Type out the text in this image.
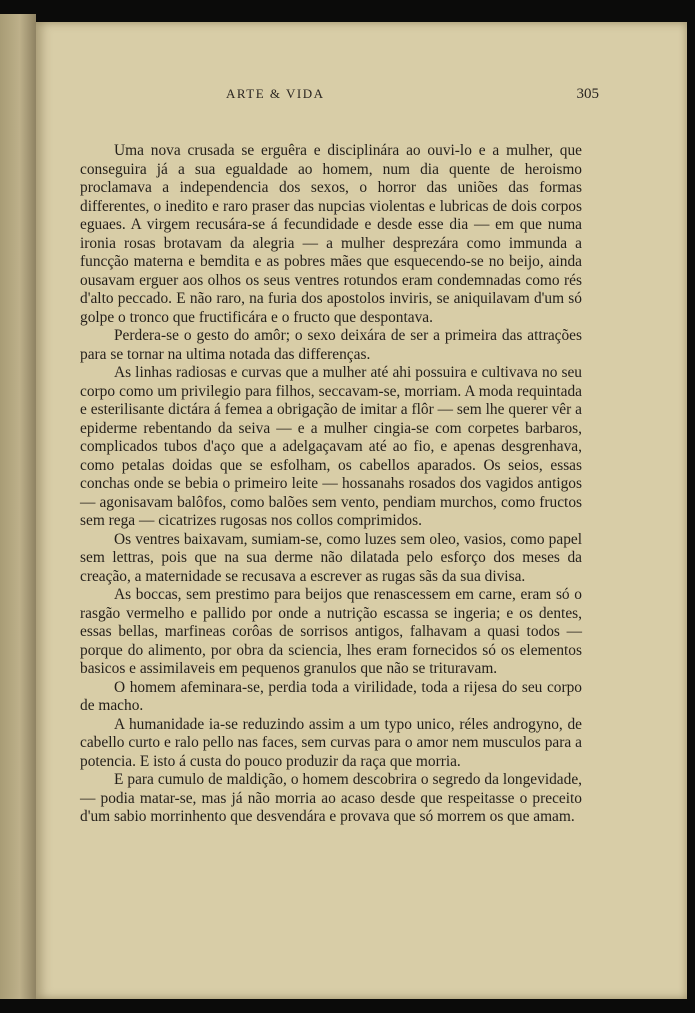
ARTE & VIDA	305

Uma nova crusada se erguêra e disciplinára ao ouvi-lo e a mulher, que conseguira já a sua egualdade ao homem, num dia quente de heroismo proclamava a independencia dos sexos, o horror das uniões das formas differentes, o inedito e raro praser das nupcias violentas e lubricas de dois corpos eguaes. A virgem recusára-se á fecundidade e desde esse dia — em que numa ironia rosas brotavam da alegria — a mulher desprezára como immunda a funcção materna e bemdita e as pobres mães que esquecendo-se no beijo, ainda ousavam erguer aos olhos os seus ventres rotundos eram condemnadas como rés d'alto peccado. E não raro, na furia dos apostolos inviris, se aniquilavam d'um só golpe o tronco que fructificára e o fructo que despontava.

Perdera-se o gesto do amôr; o sexo deixára de ser a primeira das attrações para se tornar na ultima notada das differenças.

As linhas radiosas e curvas que a mulher até ahi possuira e cultivava no seu corpo como um privilegio para filhos, seccavam-se, morriam. A moda requintada e esterilisante dictára á femea a obrigação de imitar a flôr — sem lhe querer vêr a epiderme rebentando da seiva — e a mulher cingia-se com corpetes barbaros, complicados tubos d'aço que a adelgaçavam até ao fio, e apenas desgrenhava, como petalas doidas que se esfolham, os cabellos aparados. Os seios, essas conchas onde se bebia o primeiro leite — hossanahs rosados dos vagidos antigos — agonisavam balôfos, como balões sem vento, pendiam murchos, como fructos sem rega — cicatrizes rugosas nos collos comprimidos.

Os ventres baixavam, sumiam-se, como luzes sem oleo, vasios, como papel sem lettras, pois que na sua derme não dilatada pelo esforço dos meses da creação, a maternidade se recusava a escrever as rugas sãs da sua divisa.

As boccas, sem prestimo para beijos que renascessem em carne, eram só o rasgão vermelho e pallido por onde a nutrição escassa se ingeria; e os dentes, essas bellas, marfineas corôas de sorrisos antigos, falhavam a quasi todos — porque do alimento, por obra da sciencia, lhes eram fornecidos só os elementos basicos e assimilaveis em pequenos granulos que não se trituravam.

O homem afeminara-se, perdia toda a virilidade, toda a rijesa do seu corpo de macho.

A humanidade ia-se reduzindo assim a um typo unico, réles androgyno, de cabello curto e ralo pello nas faces, sem curvas para o amor nem musculos para a potencia. E isto á custa do pouco produzir da raça que morria.

E para cumulo de maldição, o homem descobrira o segredo da longevidade, — podia matar-se, mas já não morria ao acaso desde que respeitasse o preceito d'um sabio morrinhento que desvendára e provava que só morrem os que amam.
